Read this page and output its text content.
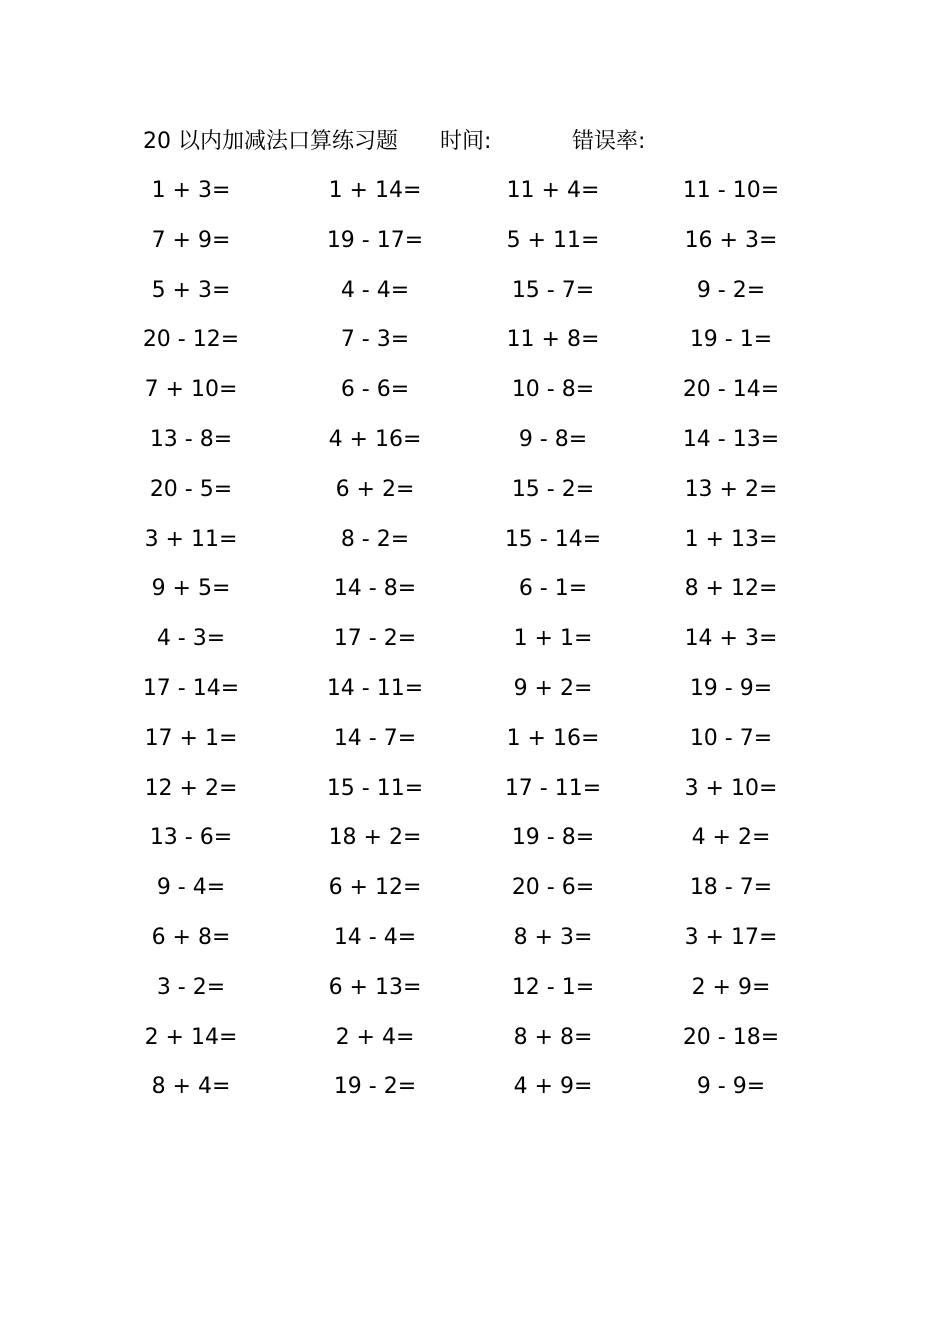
20 以内加减法口算练习题 时间:	错误率:
1 + 3=	1 + 14=	11 + 4=	11 - 10=
7 + 9=	19 - 17=	5 + 11=	16 + 3=
5 + 3=	4 - 4=	15 - 7=	9 - 2=
20 - 12=	7 - 3=	11 + 8=	19 - 1=
7 + 10=	6 - 6=	10 - 8=	20 - 14=
13 - 8=	4 + 16=	9 - 8=	14 - 13=
20 - 5=	6 + 2=	15 - 2=	13 + 2=
3 + 11=	8 - 2=	15 - 14=	1 + 13=
9 + 5=	14 - 8=	6 - 1=	8 + 12=
4 - 3=	17 - 2=	1 + 1=	14 + 3=
17 - 14=	14 - 11=	9 + 2=	19 - 9=
17 + 1=	14 - 7=	1 + 16=	10 - 7=
12 + 2=	15 - 11=	17 - 11=	3 + 10=
13 - 6=	18 + 2=	19 - 8=	4 + 2=
9 - 4=	6 + 12=	20 - 6=	18 - 7=
6 + 8=	14 - 4=	8 + 3=	3 + 17=
3 - 2=	6 + 13=	12 - 1=	2 + 9=
2 + 14=	2 + 4=	8 + 8=	20 - 18=
8 + 4=	19 - 2=	4 + 9=	9 - 9=
